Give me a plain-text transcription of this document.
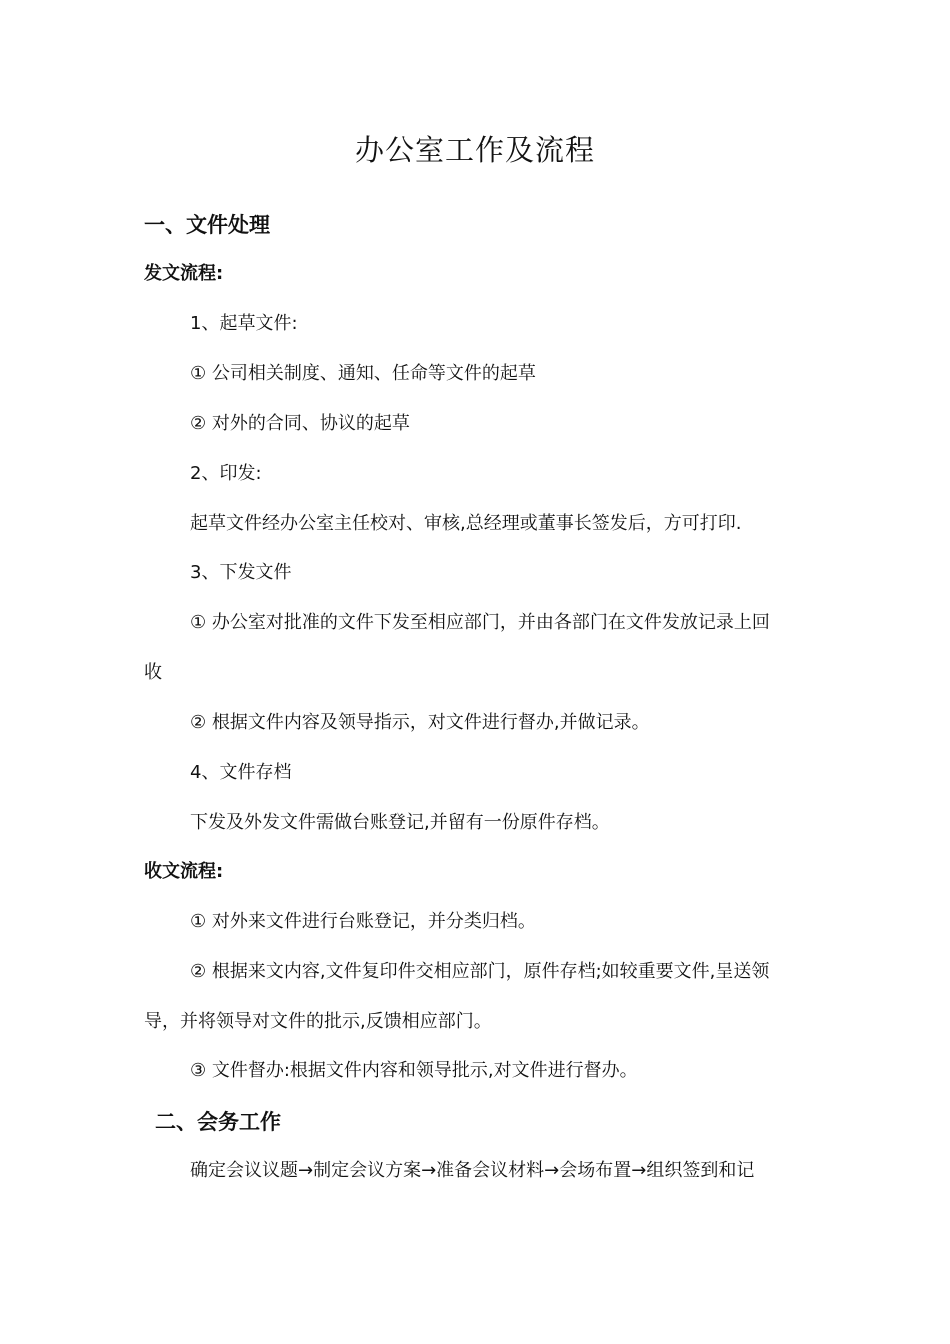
办公室工作及流程
一、文件处理
发文流程:
1、起草文件:
① 公司相关制度、通知、任命等文件的起草
② 对外的合同、协议的起草
2、印发:
起草文件经办公室主任校对、审核,总经理或董事长签发后，方可打印.
3、下发文件
① 办公室对批准的文件下发至相应部门，并由各部门在文件发放记录上回
收
② 根据文件内容及领导指示，对文件进行督办,并做记录。
4、文件存档
下发及外发文件需做台账登记,并留有一份原件存档。
收文流程:
① 对外来文件进行台账登记，并分类归档。
② 根据来文内容,文件复印件交相应部门，原件存档;如较重要文件,呈送领
导，并将领导对文件的批示,反馈相应部门。
③ 文件督办:根据文件内容和领导批示,对文件进行督办。
二、会务工作
确定会议议题→制定会议方案→准备会议材料→会场布置→组织签到和记
